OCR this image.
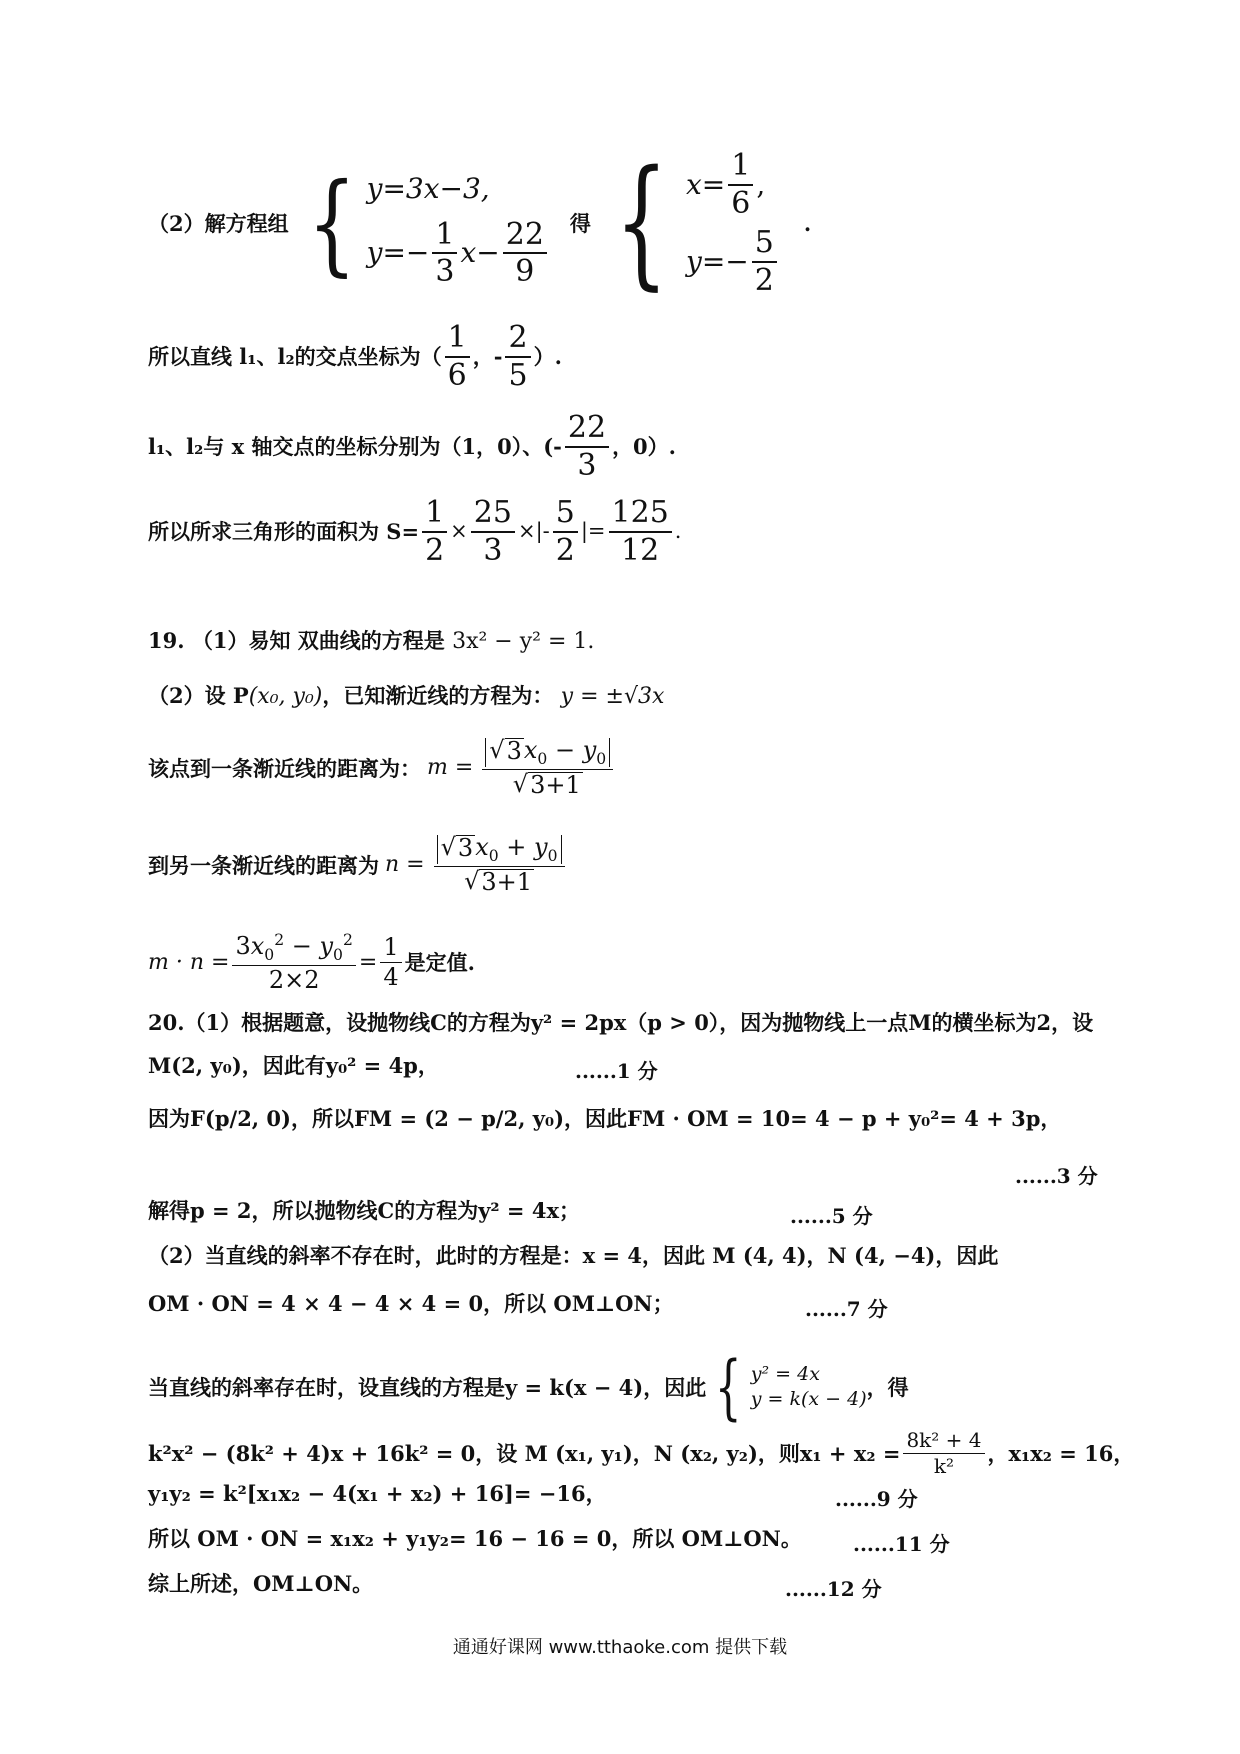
（2）解方程组 { y=3x−3,
$y=- \frac{1}{3} x- \frac{22}{9}$ 得 { $x= \frac{1}{6}$ ,
$y=- \frac{5}{2}$
.
所以直线 l₁、l₂的交点坐标为（ $\frac{1}{6}$ ，- $\frac{2}{5}$ ）.
l₁、l₂与 x 轴交点的坐标分别为（1，0）、(- $\frac{22}{3}$ ，0）.
所以所求三角形的面积为 $S= \frac{1}{2} \times \frac{25}{3}$ ×|- $\frac{5}{2}$ |= $\frac{125}{12}$ .
19. （1）易知 双曲线的方程是 3x² − y² = 1.
（2）设 P(x₀, y₀)，已知渐近线的方程为： y = ±√3x
该点到一条渐近线的距离为： $m = \frac{√ 3 x_0 - y_0}{√ 3+1}$
到另一条渐近线的距离为 $n = \frac{√ 3 x_0 + y_0}{√ 3+1}$
$m \cdot n = \frac{3x_0^2 - y_0^2}{2\times 2} = \frac{1}{4}$ 是定值.
20.（1）根据题意，设抛物线C的方程为y² = 2px（p > 0），因为抛物线上一点M的横坐标为2，设
M(2, y₀)，因此有y₀² = 4p，	......1 分
因为F(p/2, 0)，所以FM = (2 − p/2, y₀)，因此FM · OM = 10= 4 − p + y₀²= 4 + 3p，
......3 分
解得p = 2，所以抛物线C的方程为y² = 4x；	......5 分
（2）当直线的斜率不存在时，此时的方程是：x = 4，因此 M (4, 4)，N (4, −4)，因此
OM · ON = 4 × 4 − 4 × 4 = 0，所以 OM⊥ON；	......7 分
当直线的斜率存在时，设直线的方程是y = k(x − 4)，因此 { y² = 4x
y = k(x − 4) ，得
k²x² − (8k² + 4)x + 16k² = 0，设 M (x₁, y₁)，N (x₂, y₂)，则$x_1 + x_2 = \frac{\text{8k² + 4}}{\text{k²}}$ ，x₁x₂ = 16，
y₁y₂ = k²[x₁x₂ − 4(x₁ + x₂) + 16]= −16，	......9 分
所以 OM · ON = x₁x₂ + y₁y₂= 16 − 16 = 0，所以 OM⊥ON。	......11 分
综上所述，OM⊥ON。	......12 分
通通好课网 www.tthaoke.com 提供下载
